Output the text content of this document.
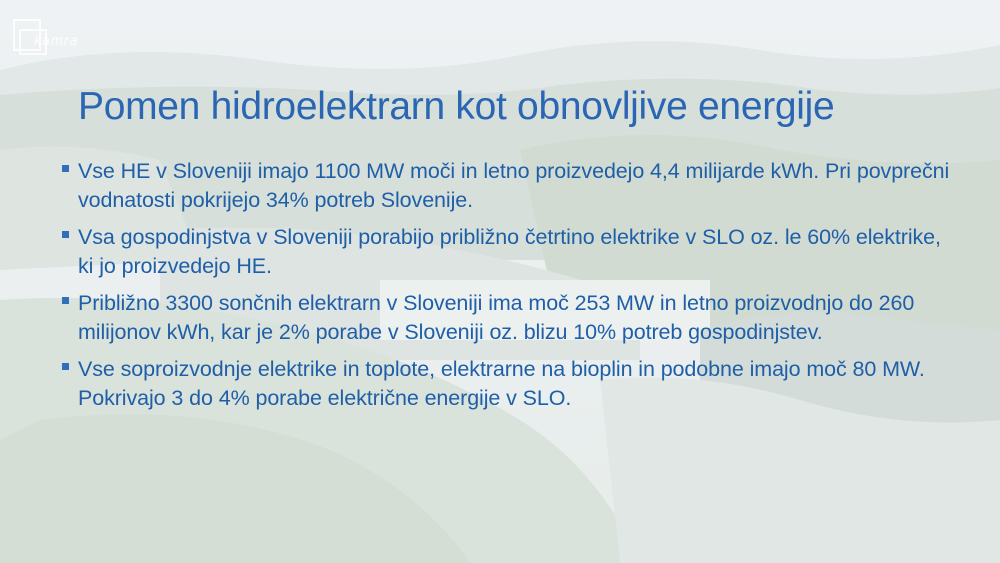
kamra
Pomen hidroelektrarn kot obnovljive energije
Vse HE v Sloveniji imajo 1100 MW moči in letno proizvedejo 4,4 milijarde kWh. Pri povprečni vodnatosti pokrijejo 34% potreb Slovenije.
Vsa gospodinjstva v Sloveniji porabijo približno četrtino elektrike v SLO oz. le 60% elektrike, ki jo proizvedejo HE.
Približno 3300 sončnih elektrarn v Sloveniji ima moč 253 MW in letno proizvodnjo do 260 milijonov kWh, kar je 2% porabe v Sloveniji oz. blizu 10% potreb gospodinjstev.
Vse soproizvodnje elektrike in toplote, elektrarne na bioplin in podobne imajo moč 80 MW. Pokrivajo 3 do 4% porabe električne energije v SLO.
